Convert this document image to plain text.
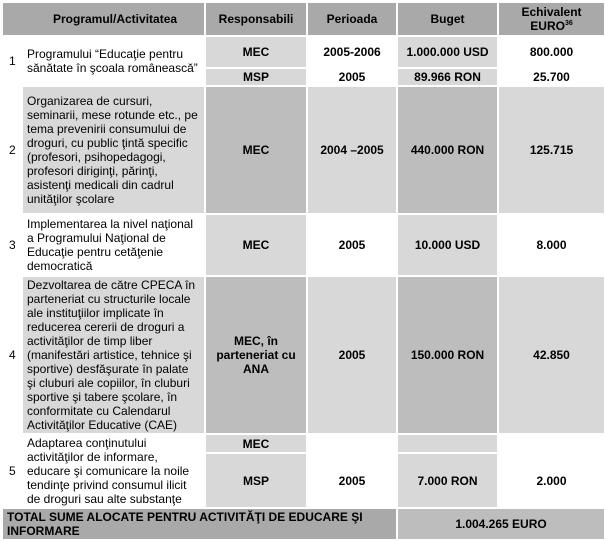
Programul/Activitatea		Responsabili	Perioada	Buget	Echivalent EURO$^{36}$
1	Programului “Educaţie pentru sănătate în şcoala românească”	MEC	2005-2006	1.000.000 USD	800.000
		MSP	2005	89.966 RON	25.700
2	Organizarea de cursuri, seminarii, mese rotunde etc., pe tema prevenirii consumului de droguri, cu public ţintă specific (profesori, psihopedagogi, profesori diriginţi, părinţi, asistenţi medicali din cadrul unităţilor şcolare	MEC	2004 –2005	440.000 RON	125.715
3	Implementarea la nivel naţional a Programului Naţional de Educaţie pentru cetăţenie democratică	MEC	2005	10.000 USD	8.000
4	Dezvoltarea de către CPECA în parteneriat cu structurile locale ale instituţiilor implicate în reducerea cererii de droguri a activităţilor de timp liber (manifestări artistice, tehnice şi sportive) desfăşurate în palate şi cluburi ale copiilor, în cluburi sportive şi tabere şcolare, în conformitate cu Calendarul Activităţilor Educative (CAE)	MEC, în parteneriat cu ANA	2005	150.000 RON	42.850
5	Adaptarea conţinutului activităţilor de informare, educare şi comunicare la noile tendinţe privind consumul ilicit de droguri sau alte substanţe	MEC			
		MSP	2005	7.000 RON	2.000
TOTAL SUME ALOCATE PENTRU ACTIVITĂŢI DE EDUCARE ŞI INFORMARE				1.004.265 EURO	
